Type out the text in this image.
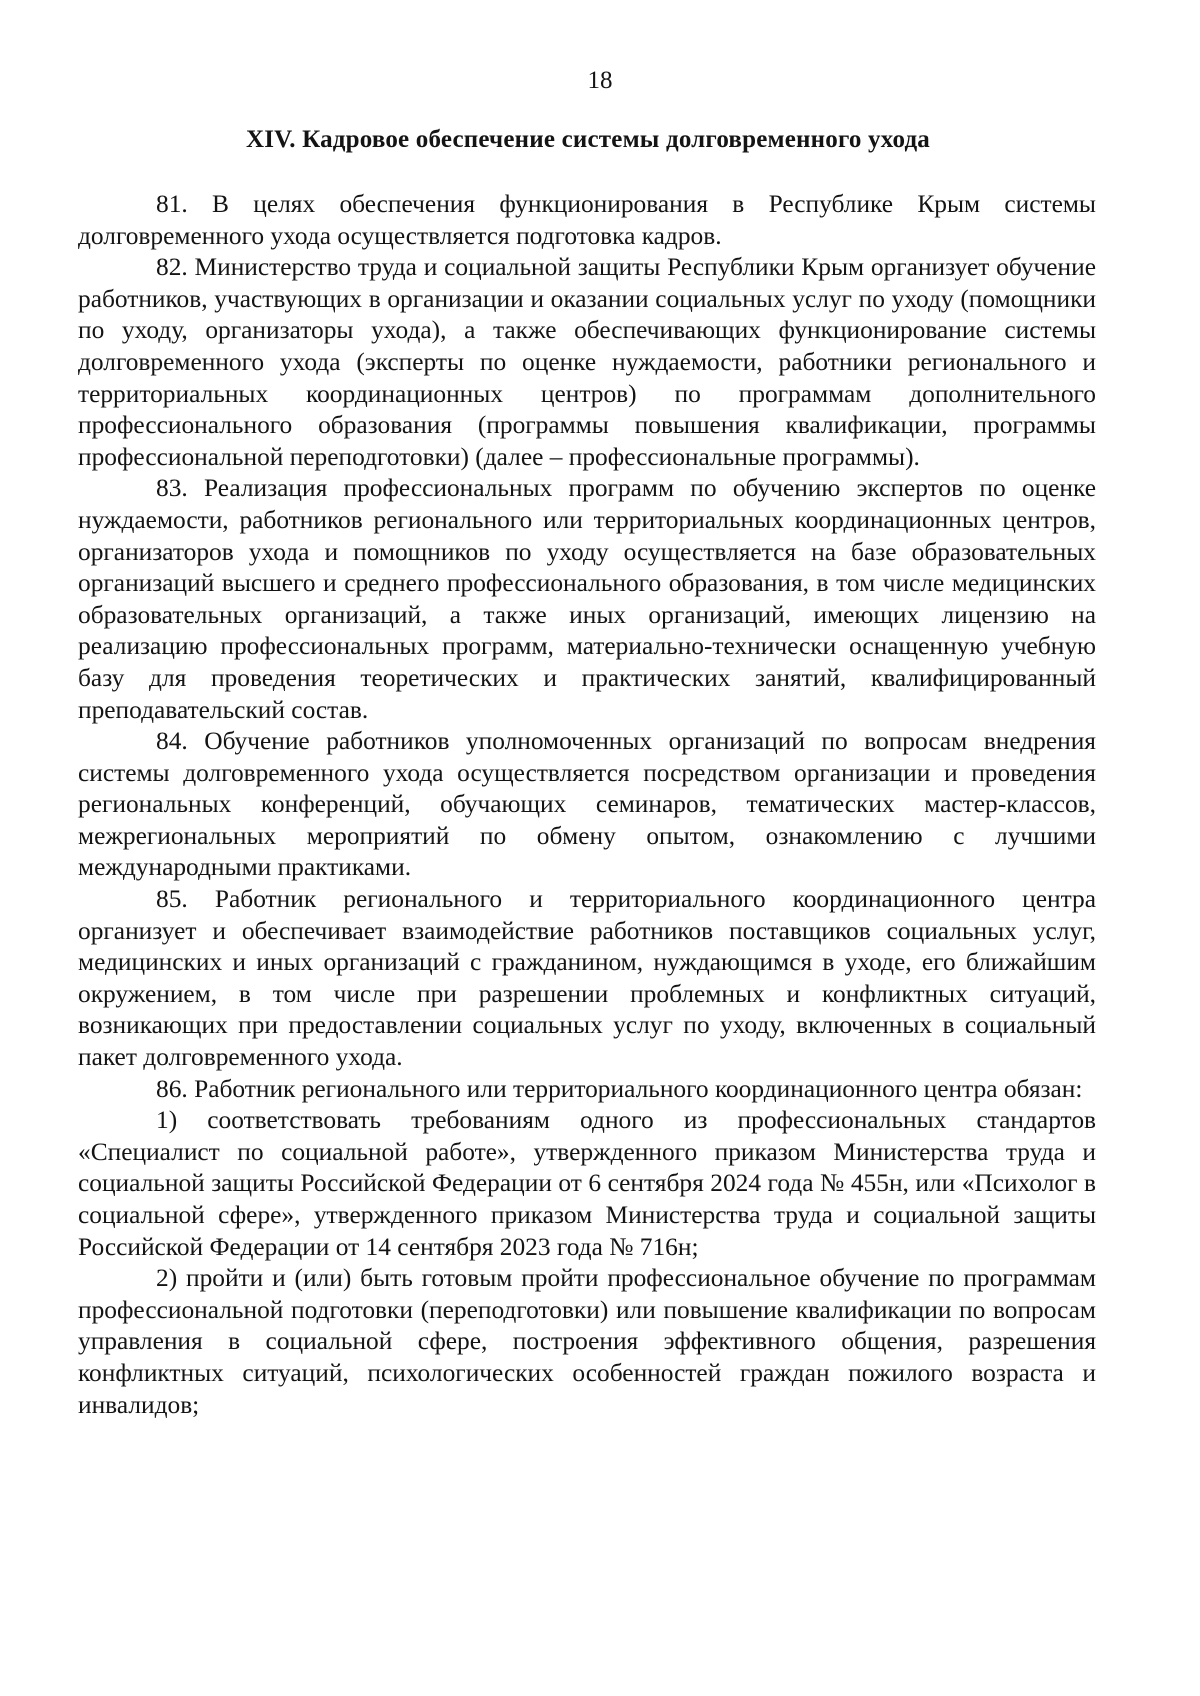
18
XIV. Кадровое обеспечение системы долговременного ухода

81. В целях обеспечения функционирования в Республике Крым системы долговременного ухода осуществляется подготовка кадров.

82. Министерство труда и социальной защиты Республики Крым организует обучение работников, участвующих в организации и оказании социальных услуг по уходу (помощники по уходу, организаторы ухода), а также обеспечивающих функционирование системы долговременного ухода (эксперты по оценке нуждаемости, работники регионального и территориальных координационных центров) по программам дополнительного профессионального образования (программы повышения квалификации, программы профессиональной переподготовки) (далее – профессиональные программы).

83. Реализация профессиональных программ по обучению экспертов по оценке нуждаемости, работников регионального или территориальных координационных центров, организаторов ухода и помощников по уходу осуществляется на базе образовательных организаций высшего и среднего профессионального образования, в том числе медицинских образовательных организаций, а также иных организаций, имеющих лицензию на реализацию профессиональных программ, материально-технически оснащенную учебную базу для проведения теоретических и практических занятий, квалифицированный преподавательский состав.

84. Обучение работников уполномоченных организаций по вопросам внедрения системы долговременного ухода осуществляется посредством организации и проведения региональных конференций, обучающих семинаров, тематических мастер-классов, межрегиональных мероприятий по обмену опытом, ознакомлению с лучшими международными практиками.

85. Работник регионального и территориального координационного центра организует и обеспечивает взаимодействие работников поставщиков социальных услуг, медицинских и иных организаций с гражданином, нуждающимся в уходе, его ближайшим окружением, в том числе при разрешении проблемных и конфликтных ситуаций, возникающих при предоставлении социальных услуг по уходу, включенных в социальный пакет долговременного ухода.

86. Работник регионального или территориального координационного центра обязан:

1) соответствовать требованиям одного из профессиональных стандартов «Специалист по социальной работе», утвержденного приказом Министерства труда и социальной защиты Российской Федерации от 6 сентября 2024 года № 455н, или «Психолог в социальной сфере», утвержденного приказом Министерства труда и социальной защиты Российской Федерации от 14 сентября 2023 года № 716н;

2) пройти и (или) быть готовым пройти профессиональное обучение по программам профессиональной подготовки (переподготовки) или повышение квалификации по вопросам управления в социальной сфере, построения эффективного общения, разрешения конфликтных ситуаций, психологических особенностей граждан пожилого возраста и инвалидов;
